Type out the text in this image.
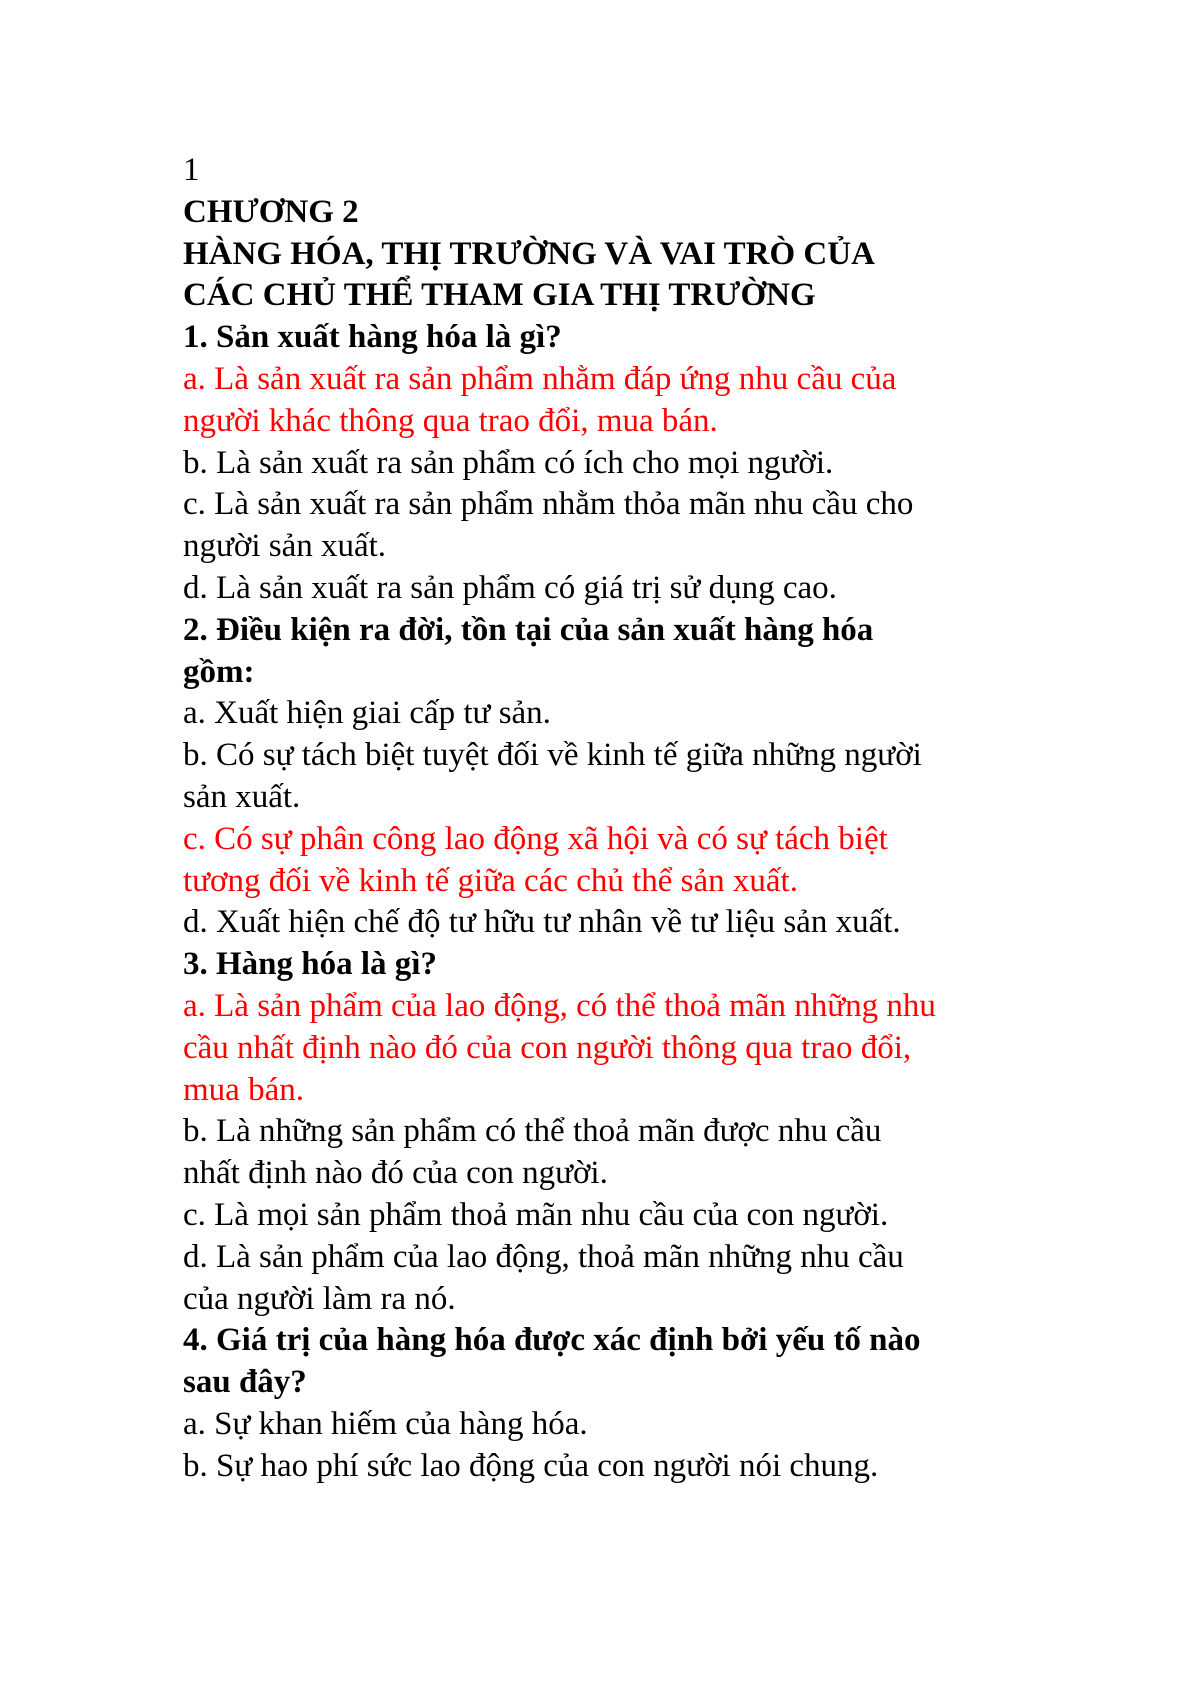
1
CHƯƠNG 2
HÀNG HÓA, THỊ TRƯỜNG VÀ VAI TRÒ CỦA
CÁC CHỦ THỂ THAM GIA THỊ TRƯỜNG
1. Sản xuất hàng hóa là gì?
a. Là sản xuất ra sản phẩm nhằm đáp ứng nhu cầu của
người khác thông qua trao đổi, mua bán.
b. Là sản xuất ra sản phẩm có ích cho mọi người.
c. Là sản xuất ra sản phẩm nhằm thỏa mãn nhu cầu cho
người sản xuất.
d. Là sản xuất ra sản phẩm có giá trị sử dụng cao.
2. Điều kiện ra đời, tồn tại của sản xuất hàng hóa
gồm:
a. Xuất hiện giai cấp tư sản.
b. Có sự tách biệt tuyệt đối về kinh tế giữa những người
sản xuất.
c. Có sự phân công lao động xã hội và có sự tách biệt
tương đối về kinh tế giữa các chủ thể sản xuất.
d. Xuất hiện chế độ tư hữu tư nhân về tư liệu sản xuất.
3. Hàng hóa là gì?
a. Là sản phẩm của lao động, có thể thoả mãn những nhu
cầu nhất định nào đó của con người thông qua trao đổi,
mua bán.
b. Là những sản phẩm có thể thoả mãn được nhu cầu
nhất định nào đó của con người.
c. Là mọi sản phẩm thoả mãn nhu cầu của con người.
d. Là sản phẩm của lao động, thoả mãn những nhu cầu
của người làm ra nó.
4. Giá trị của hàng hóa được xác định bởi yếu tố nào
sau đây?
a. Sự khan hiếm của hàng hóa.
b. Sự hao phí sức lao động của con người nói chung.
